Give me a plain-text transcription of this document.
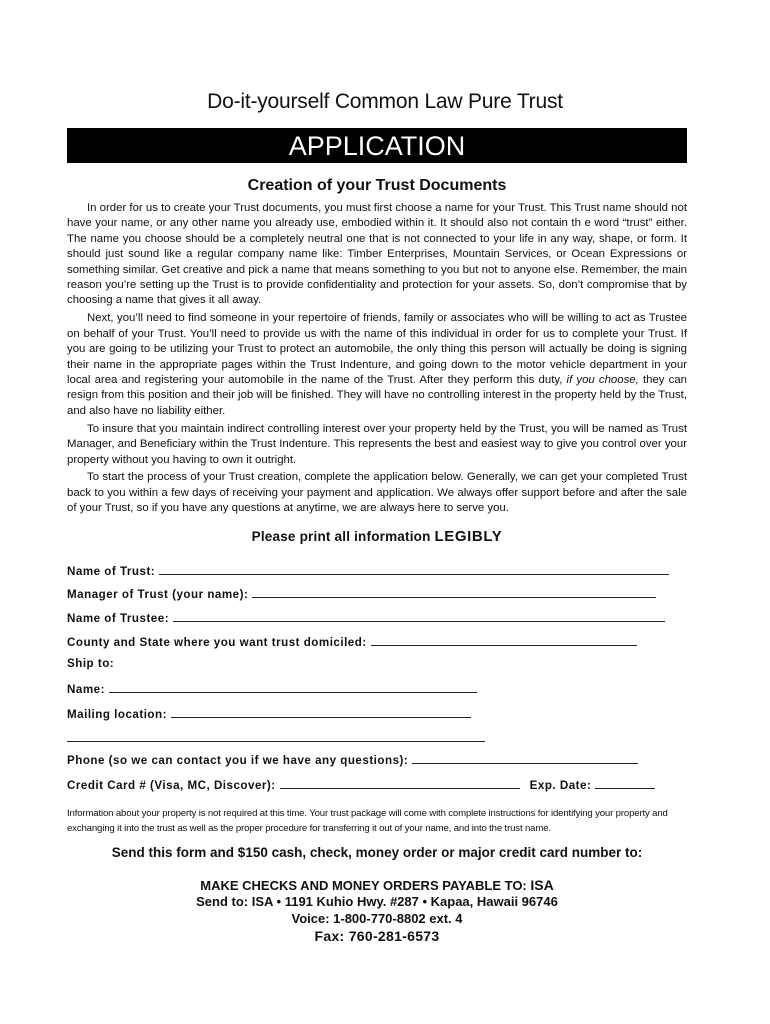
Do-it-yourself Common Law Pure Trust
APPLICATION
Creation of your Trust Documents

In order for us to create your Trust documents, you must first choose a name for your Trust. This Trust name should not have your name, or any other name you already use, embodied within it. It should also not contain th e word “trust” either. The name you choose should be a completely neutral one that is not connected to your life in any way, shape, or form. It should just sound like a regular company name like: Timber Enterprises, Mountain Services, or Ocean Expressions or something similar. Get creative and pick a name that means something to you but not to anyone else. Remember, the main reason you’re setting up the Trust is to provide confidentiality and protection for your assets. So, don’t compromise that by choosing a name that gives it all away.

Next, you’ll need to find someone in your repertoire of friends, family or associates who will be willing to act as Trustee on behalf of your Trust. You’ll need to provide us with the name of this individual in order for us to complete your Trust. If you are going to be utilizing your Trust to protect an automobile, the only thing this person will actually be doing is signing their name in the appropriate pages within the Trust Indenture, and going down to the motor vehicle department in your local area and registering your automobile in the name of the Trust. After they perform this duty, if you choose, they can resign from this position and their job will be finished. They will have no controlling interest in the property held by the Trust, and also have no liability either.

To insure that you maintain indirect controlling interest over your property held by the Trust, you will be named as Trust Manager, and Beneficiary within the Trust Indenture. This represents the best and easiest way to give you control over your property without you having to own it outright.

To start the process of your Trust creation, complete the application below. Generally, we can get your completed Trust back to you within a few days of receiving your payment and application. We always offer support before and after the sale of your Trust, so if you have any questions at anytime, we are always here to serve you.

Please print all information LEGIBLY
Name of Trust:
Manager of Trust (your name):
Name of Trustee:
County and State where you want trust domiciled:
Ship to:
Name:
Mailing location:
Phone (so we can contact you if we have any questions):
Credit Card # (Visa, MC, Discover):	Exp. Date:
Information about your property is not required at this time. Your trust package will come with complete instructions for identifying your property and exchanging it into the trust as well as the proper procedure for transferring it out of your name, and into the trust name.
Send this form and $150 cash, check, money order or major credit card number to:
MAKE CHECKS AND MONEY ORDERS PAYABLE TO: ISA
Send to: ISA • 1191 Kuhio Hwy. #287 • Kapaa, Hawaii 96746
Voice: 1-800-770-8802 ext. 4
Fax: 760-281-6573
